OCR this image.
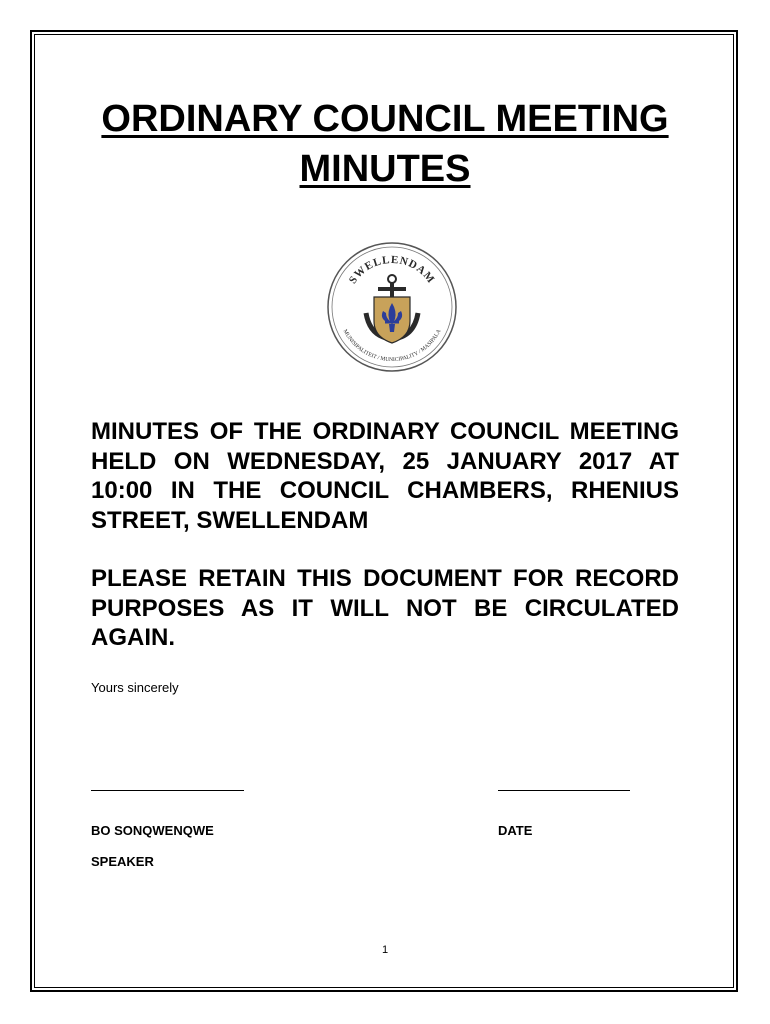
ORDINARY COUNCIL MEETING
MINUTES
SWELLENDAM
MUNISIPALITEIT / MUNICIPALITY / MASIPALA
MINUTES OF THE ORDINARY COUNCIL MEETING HELD ON WEDNESDAY, 25 JANUARY 2017 AT 10:00 IN THE COUNCIL CHAMBERS, RHENIUS STREET, SWELLENDAM
PLEASE RETAIN THIS DOCUMENT FOR RECORD PURPOSES AS IT WILL NOT BE CIRCULATED AGAIN.
Yours sincerely
BO SONQWENQWE	DATE
SPEAKER
1
